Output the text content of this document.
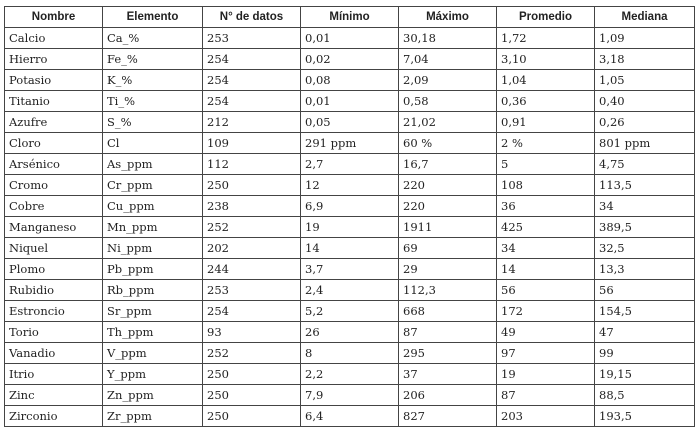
Nombre	Elemento	N° de datos	Mínimo	Máximo	Promedio	Mediana
Calcio	Ca_%	253	0,01	30,18	1,72	1,09
Hierro	Fe_%	254	0,02	7,04	3,10	3,18
Potasio	K_%	254	0,08	2,09	1,04	1,05
Titanio	Ti_%	254	0,01	0,58	0,36	0,40
Azufre	S_%	212	0,05	21,02	0,91	0,26
Cloro	Cl	109	291 ppm	60 %	2 %	801 ppm
Arsénico	As_ppm	112	2,7	16,7	5	4,75
Cromo	Cr_ppm	250	12	220	108	113,5
Cobre	Cu_ppm	238	6,9	220	36	34
Manganeso	Mn_ppm	252	19	1911	425	389,5
Niquel	Ni_ppm	202	14	69	34	32,5
Plomo	Pb_ppm	244	3,7	29	14	13,3
Rubidio	Rb_ppm	253	2,4	112,3	56	56
Estroncio	Sr_ppm	254	5,2	668	172	154,5
Torio	Th_ppm	93	26	87	49	47
Vanadio	V_ppm	252	8	295	97	99
Itrio	Y_ppm	250	2,2	37	19	19,15
Zinc	Zn_ppm	250	7,9	206	87	88,5
Zirconio	Zr_ppm	250	6,4	827	203	193,5
